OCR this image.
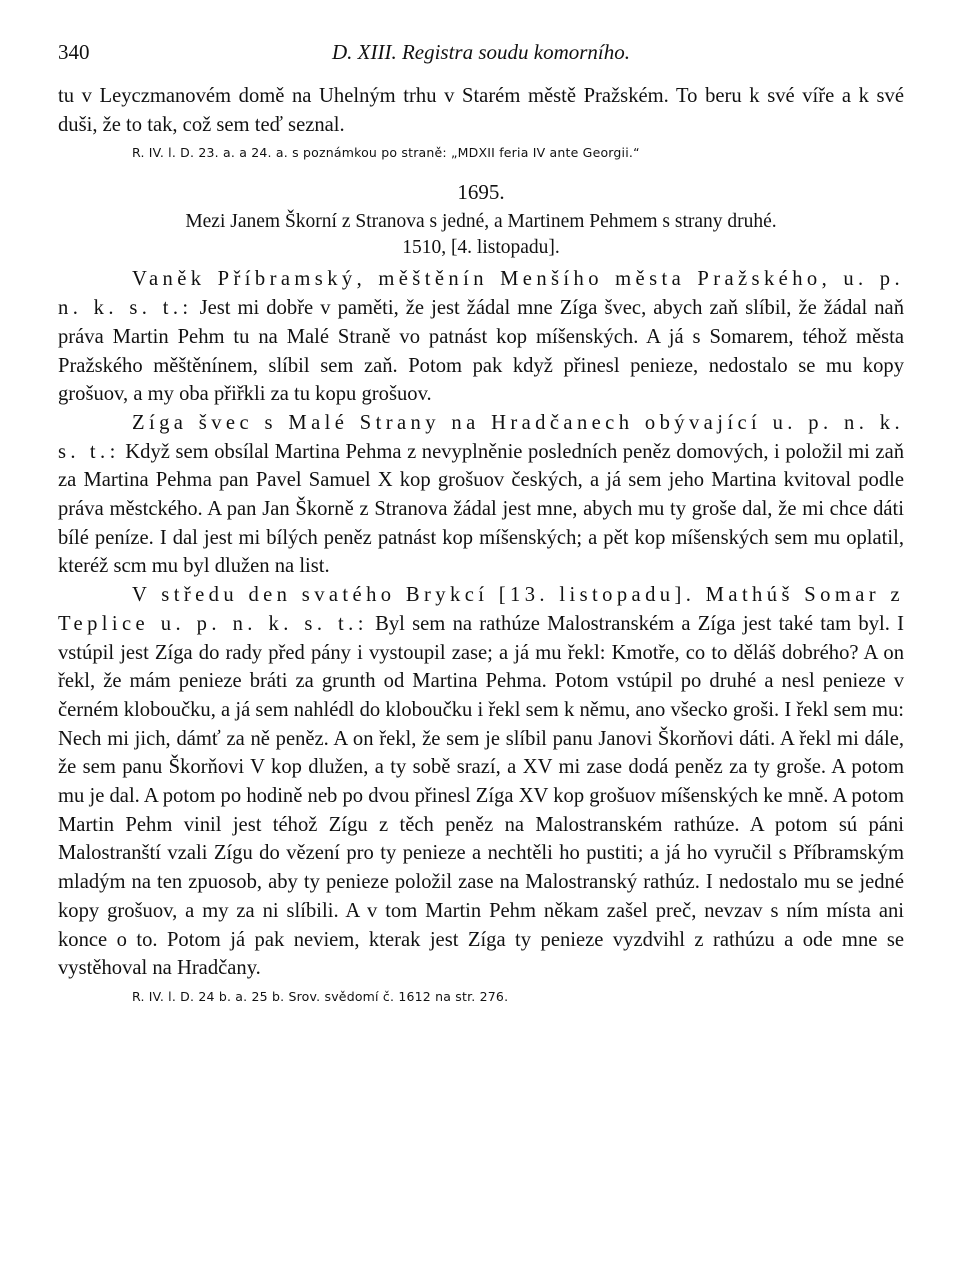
340	D. XIII. Registra soudu komorního.

tu v Leyczmanovém domě na Uhelným trhu v Starém městě Pražském. To beru k své víře a k své duši, že to tak, což sem teď seznal.

R. IV. l. D. 23. a. a 24. a. s poznámkou po straně: „MDXII feria IV ante Georgii.“

1695.

Mezi Janem Škorní z Stranova s jedné, a Martinem Pehmem s strany druhé.

1510, [4. listopadu].

Vaněk Příbramský, měštěnín Menšího města Pražského, u. p. n. k. s. t.: Jest mi dobře v paměti, že jest žádal mne Zíga švec, abych zaň slíbil, že žádal naň práva Martin Pehm tu na Malé Straně vo patnást kop míšenských. A já s Somarem, téhož města Pražského měštěnínem, slíbil sem zaň. Potom pak když přinesl penieze, nedostalo se mu kopy grošuov, a my oba přiřkli za tu kopu grošuov.

Zíga švec s Malé Strany na Hradčanech obývající u. p. n. k. s. t.: Když sem obsílal Martina Pehma z nevyplněnie posledních peněz domových, i položil mi zaň za Martina Pehma pan Pavel Samuel X kop grošuov českých, a já sem jeho Martina kvitoval podle práva městckého. A pan Jan Škorně z Stranova žádal jest mne, abych mu ty groše dal, že mi chce dáti bílé peníze. I dal jest mi bílých peněz patnást kop míšenských; a pět kop míšenských sem mu oplatil, kteréž scm mu byl dlužen na list.

V středu den svatého Brykcí [13. listopadu]. Mathúš Somar z Teplice u. p. n. k. s. t.: Byl sem na rathúze Malostranském a Zíga jest také tam byl. I vstúpil jest Zíga do rady před pány i vystoupil zase; a já mu řekl: Kmotře, co to děláš dobrého? A on řekl, že mám penieze bráti za grunth od Martina Pehma. Potom vstúpil po druhé a nesl penieze v černém kloboučku, a já sem nahlédl do kloboučku i řekl sem k němu, ano všecko groši. I řekl sem mu: Nech mi jich, dámť za ně peněz. A on řekl, že sem je slíbil panu Janovi Škorňovi dáti. A řekl mi dále, že sem panu Škorňovi V kop dlužen, a ty sobě srazí, a XV mi zase dodá peněz za ty groše. A potom mu je dal. A potom po hodině neb po dvou přinesl Zíga XV kop grošuov míšenských ke mně. A potom Martin Pehm vinil jest téhož Zígu z těch peněz na Malostranském rathúze. A potom sú páni Malostranští vzali Zígu do vězení pro ty penieze a nechtěli ho pustiti; a já ho vyručil s Příbramským mladým na ten zpuosob, aby ty penieze položil zase na Malostranský rathúz. I nedostalo mu se jedné kopy grošuov, a my za ni slíbili. A v tom Martin Pehm někam zašel preč, nevzav s ním místa ani konce o to. Potom já pak neviem, kterak jest Zíga ty penieze vyzdvihl z rathúzu a ode mne se vystěhoval na Hradčany.

R. IV. l. D. 24 b. a. 25 b. Srov. svědomí č. 1612 na str. 276.
